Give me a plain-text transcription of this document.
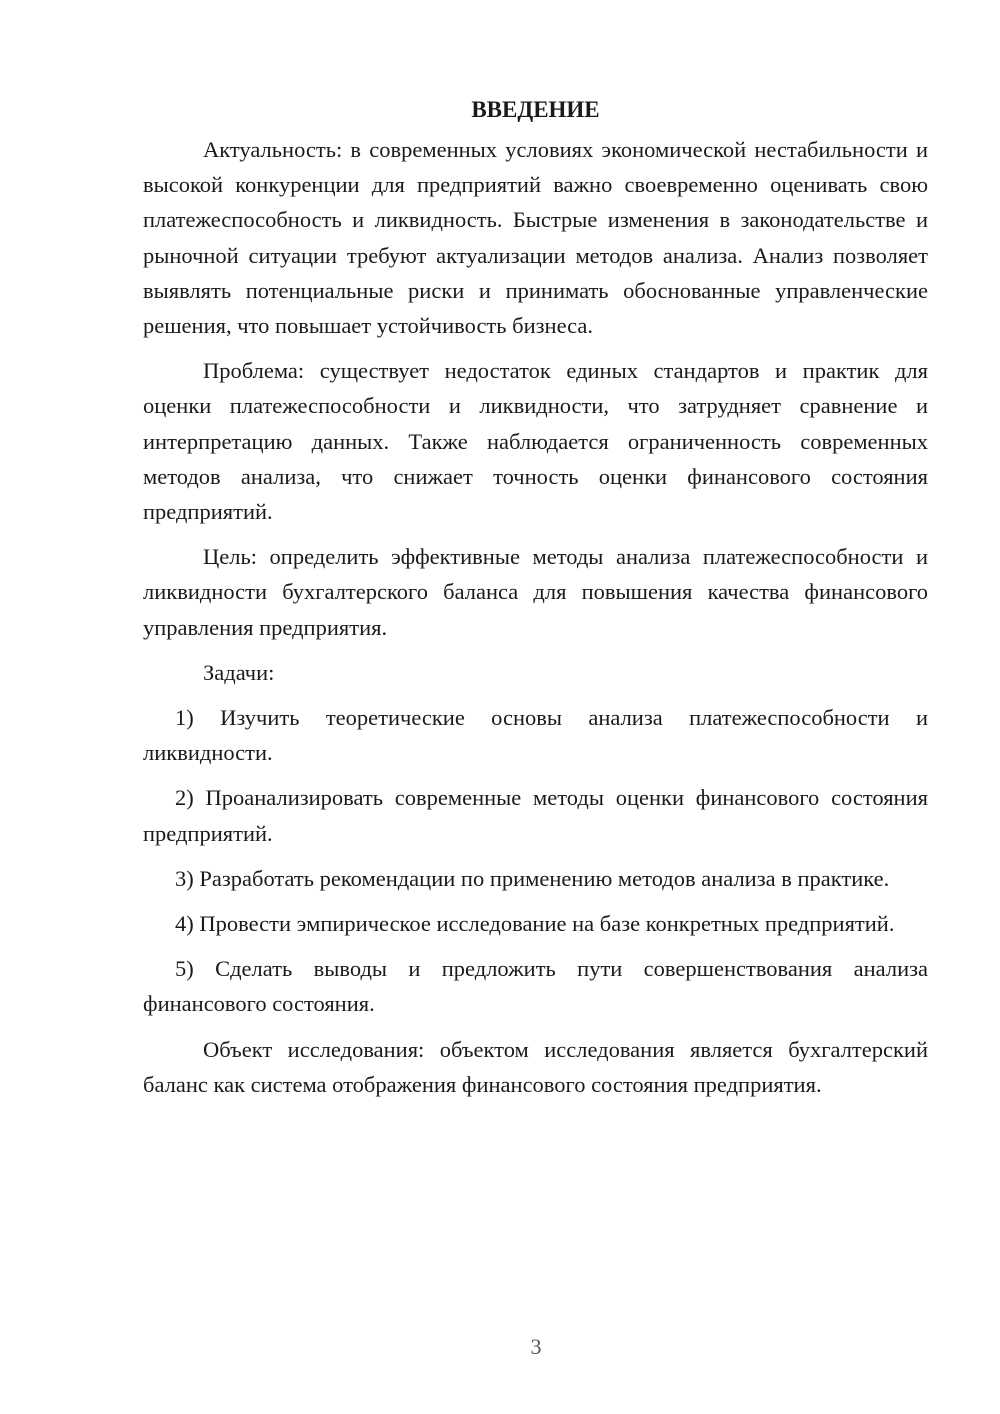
ВВЕДЕНИЕ

Актуальность: в современных условиях экономической нестабильности и высокой конкуренции для предприятий важно своевременно оценивать свою платежеспособность и ликвидность. Быстрые изменения в законодательстве и рыночной ситуации требуют актуализации методов анализа. Анализ позволяет выявлять потенциальные риски и принимать обоснованные управленческие решения, что повышает устойчивость бизнеса.

Проблема: существует недостаток единых стандартов и практик для оценки платежеспособности и ликвидности, что затрудняет сравнение и интерпретацию данных. Также наблюдается ограниченность современных методов анализа, что снижает точность оценки финансового состояния предприятий.

Цель: определить эффективные методы анализа платежеспособности и ликвидности бухгалтерского баланса для повышения качества финансового управления предприятия.

Задачи:

1) Изучить теоретические основы анализа платежеспособности и ликвидности.

2) Проанализировать современные методы оценки финансового состояния предприятий.

3) Разработать рекомендации по применению методов анализа в практике.

4) Провести эмпирическое исследование на базе конкретных предприятий.

5) Сделать выводы и предложить пути совершенствования анализа финансового состояния.

Объект исследования: объектом исследования является бухгалтерский баланс как система отображения финансового состояния предприятия.

3
